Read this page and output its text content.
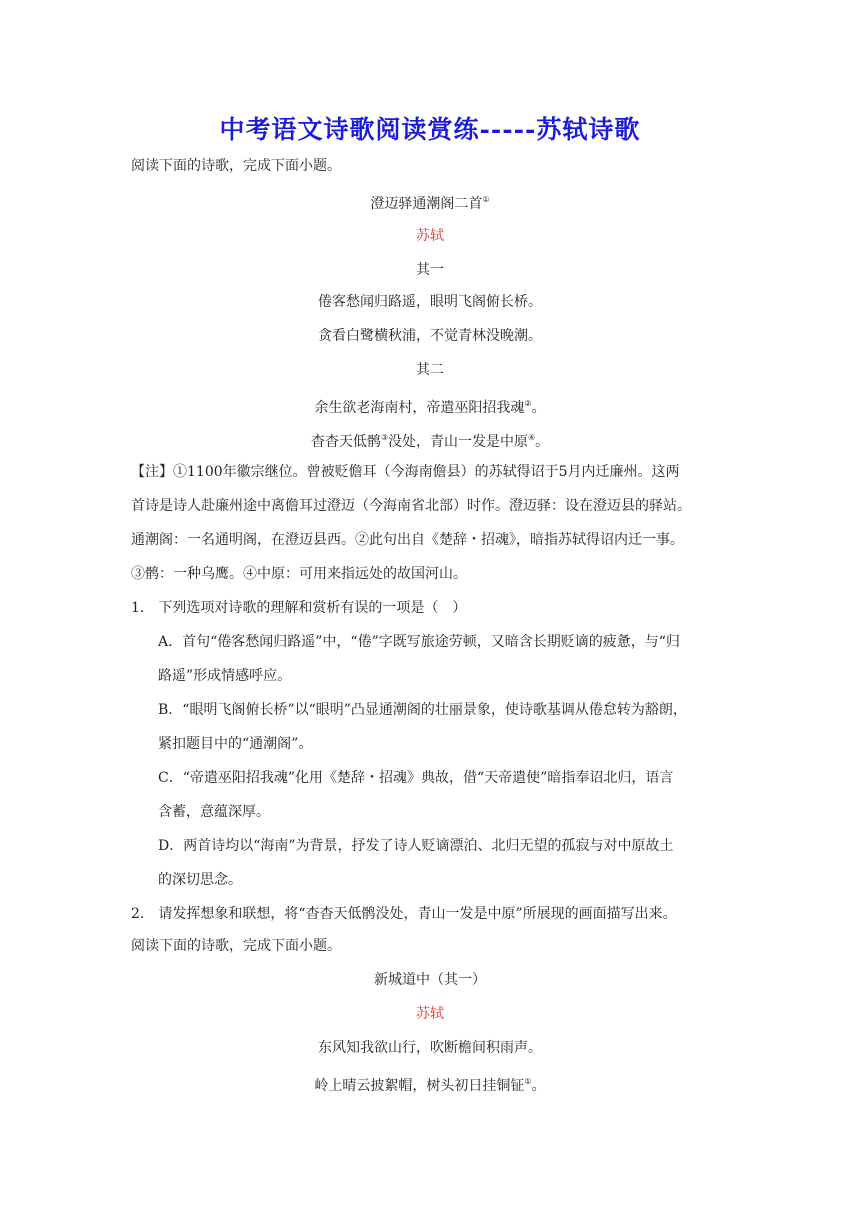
中考语文诗歌阅读赏练-----苏轼诗歌
阅读下面的诗歌，完成下面小题。
澄迈驿通潮阁二首①
苏轼
其一
倦客愁闻归路遥，眼明飞阁俯长桥。
贪看白鹭横秋浦，不觉青林没晚潮。
其二
余生欲老海南村，帝遣巫阳招我魂②。
杳杳天低鹘③没处，青山一发是中原④。
【注】①1100年徽宗继位。曾被贬儋耳（今海南儋县）的苏轼得诏于5月内迁廉州。这两
首诗是诗人赴廉州途中离儋耳过澄迈（今海南省北部）时作。澄迈驿：设在澄迈县的驿站。
通潮阁：一名通明阁，在澄迈县西。②此句出自《楚辞・招魂》，暗指苏轼得诏内迁一事。
③鹘：一种乌鹰。④中原：可用来指远处的故国河山。
1.　下列选项对诗歌的理解和赏析有误的一项是（　）
A．首句“倦客愁闻归路遥”中，“倦”字既写旅途劳顿，又暗含长期贬谪的疲惫，与“归
路遥”形成情感呼应。
B．“眼明飞阁俯长桥”以“眼明”凸显通潮阁的壮丽景象，使诗歌基调从倦怠转为豁朗，
紧扣题目中的“通潮阁”。
C．“帝遣巫阳招我魂”化用《楚辞・招魂》典故，借“天帝遣使”暗指奉诏北归，语言
含蓄，意蕴深厚。
D．两首诗均以“海南”为背景，抒发了诗人贬谪漂泊、北归无望的孤寂与对中原故土
的深切思念。
2.　请发挥想象和联想，将“杳杳天低鹘没处，青山一发是中原”所展现的画面描写出来。
阅读下面的诗歌，完成下面小题。
新城道中（其一）
苏轼
东风知我欲山行，吹断檐间积雨声。
岭上晴云披絮帽，树头初日挂铜钲①。
